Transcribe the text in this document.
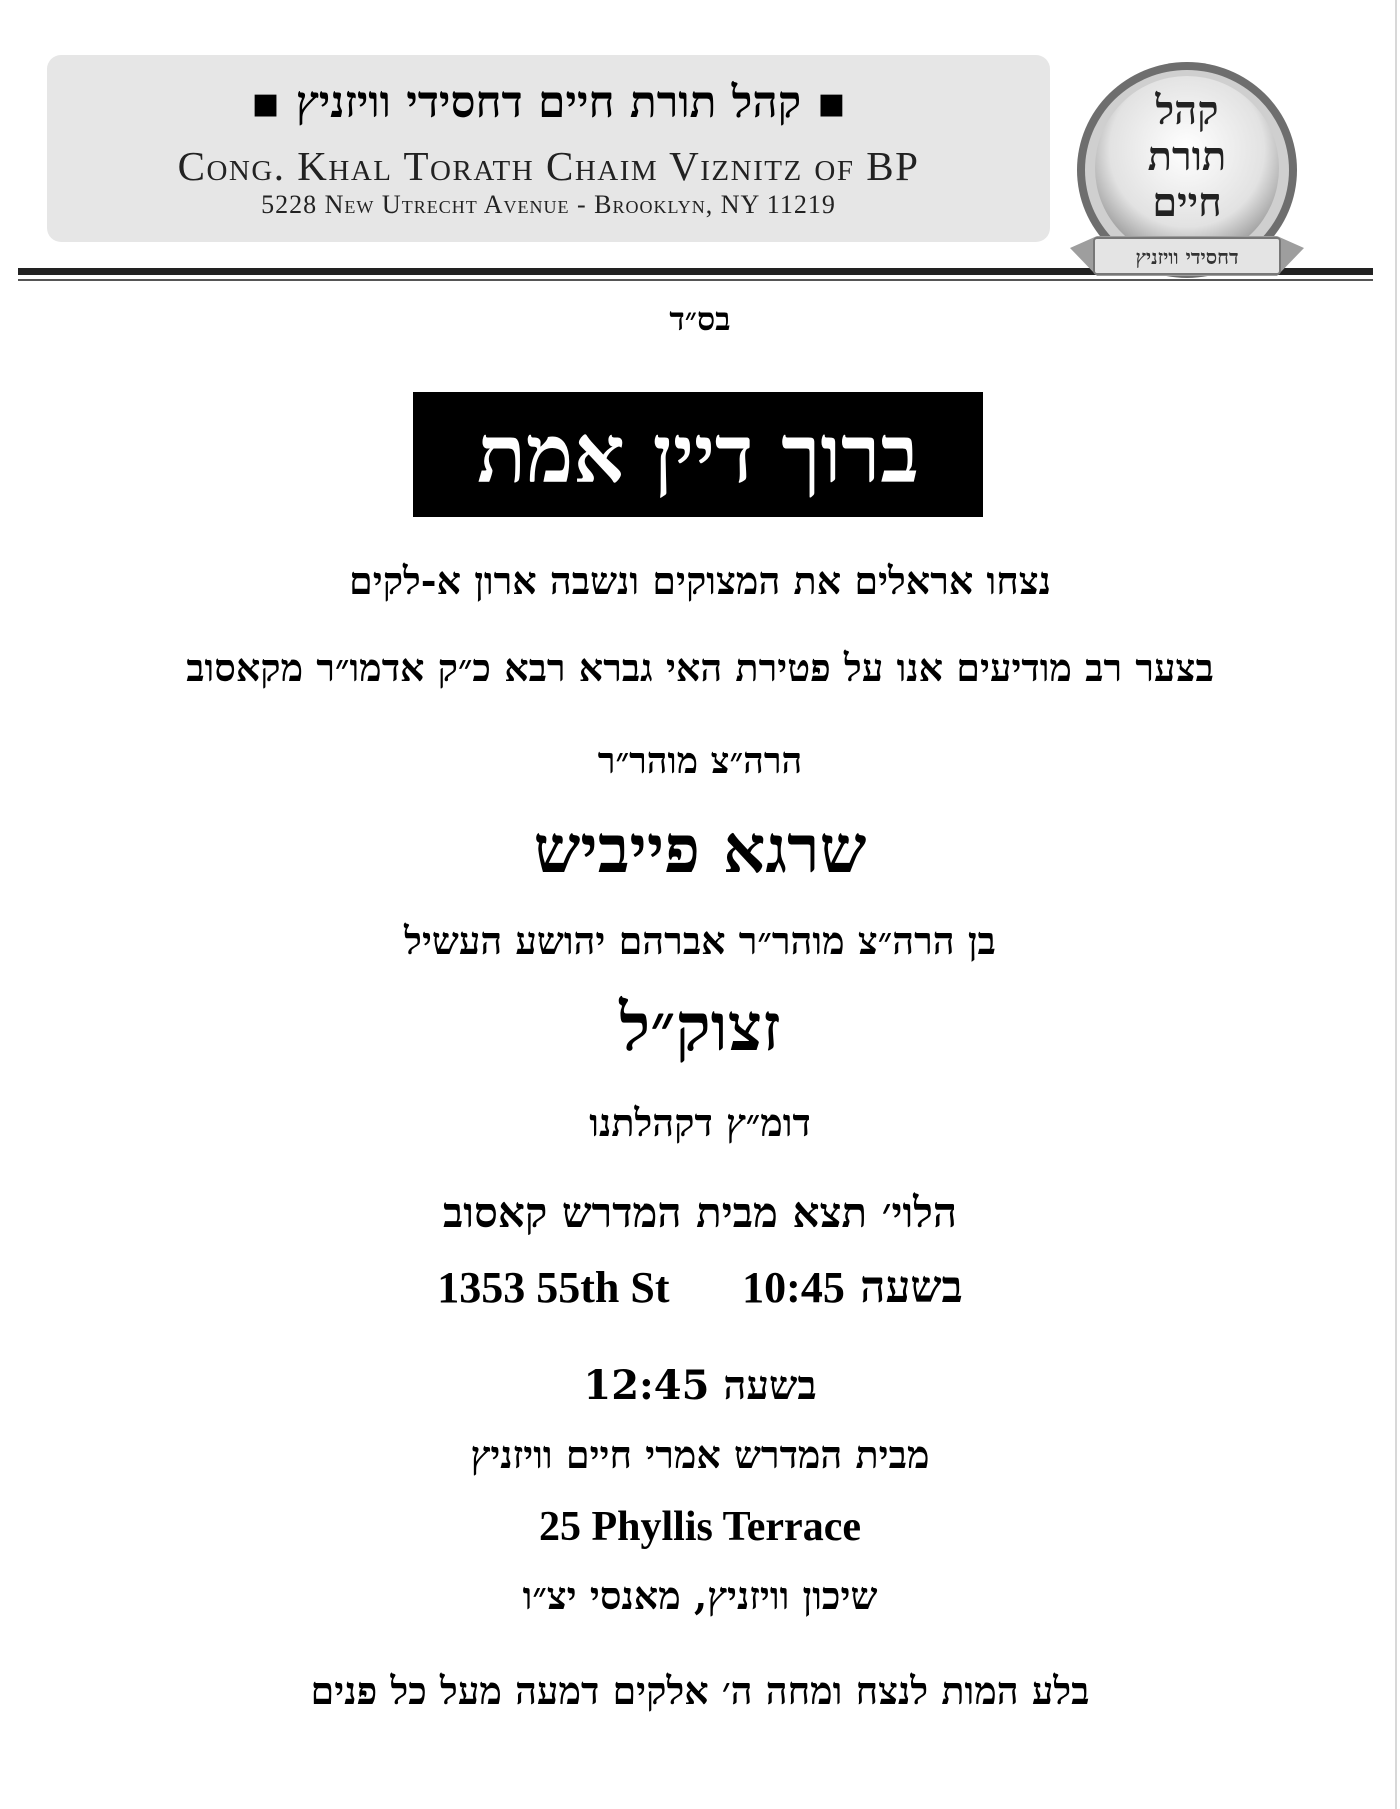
▪ קהל תורת חיים דחסידי וויזניץ ▪
Cong. Khal Torath Chaim Viznitz of BP
5228 New Utrecht Avenue - Brooklyn, NY 11219
קהל
תורת
חיים
דחסידי וויזניץ
בס״ד
ברוך דיין אמת
נצחו אראלים את המצוקים ונשבה ארון א-לקים
בצער רב מודיעים אנו על פטירת האי גברא רבא כ״ק אדמו״ר מקאסוב
הרה״צ מוהר״ר
שרגא פייביש
בן הרה״צ מוהר״ר אברהם יהושע העשיל
זצוק״ל
דומ״ץ דקהלתנו
הלוי׳ תצא מבית המדרש קאסוב
בשעה 10:45  1353 55th St
בשעה 12:45
מבית המדרש אמרי חיים וויזניץ
25 Phyllis Terrace
שיכון וויזניץ, מאנסי יצ״ו
בלע המות לנצח ומחה ה׳ אלקים דמעה מעל כל פנים
